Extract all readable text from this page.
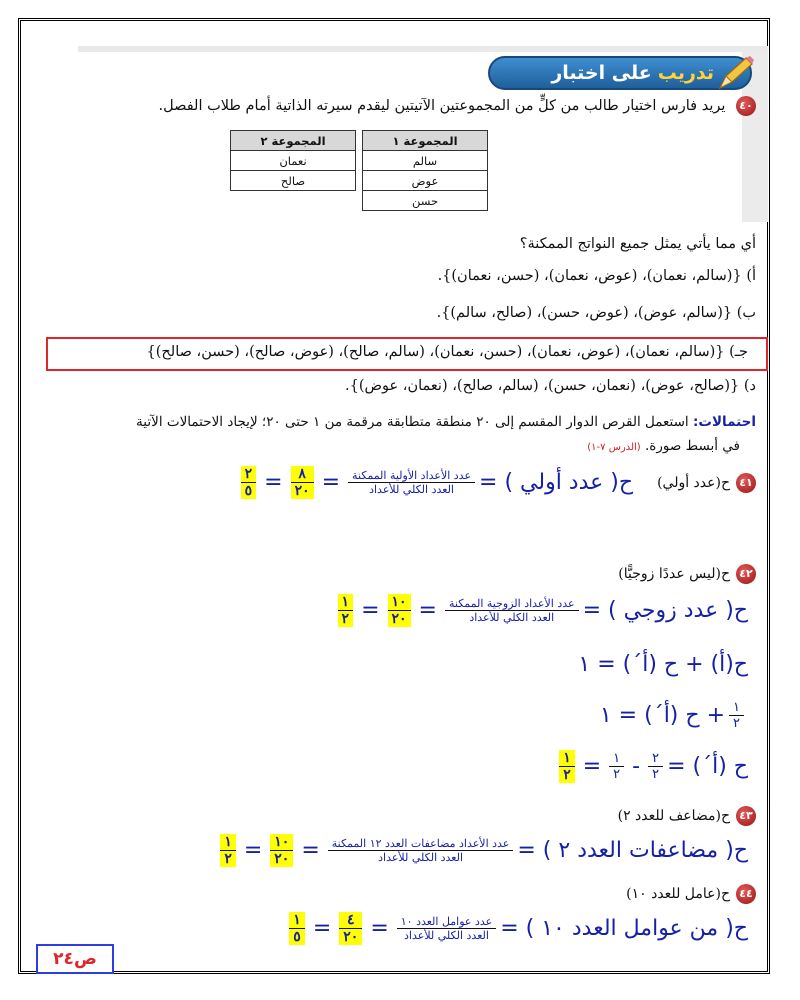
تدريب
على اختبار
٤٠ يريد فارس اختيار طالب من كلٍّ من المجموعتين الآتيتين ليقدم سيرته الذاتية أمام طلاب الفصل.
المجموعة ١
سالم
عوض
حسن
المجموعة ٢
نعمان
صالح
أي مما يأتي يمثل جميع النواتج الممكنة؟
أ) {(سالم، نعمان)، (عوض، نعمان)، (حسن، نعمان)}.
ب) {(سالم، عوض)، (عوض، حسن)، (صالح، سالم)}.
جـ) {(سالم، نعمان)، (عوض، نعمان)، (حسن، نعمان)، (سالم، صالح)، (عوض، صالح)، (حسن، صالح)}
د) {(صالح، عوض)، (نعمان، حسن)، (سالم، صالح)، (نعمان، عوض)}.
احتمالات: استعمل القرص الدوار المقسم إلى ٢٠ منطقة متطابقة مرقمة من ١ حتى ٢٠؛ لإيجاد الاحتمالات الآتية
في أبسط صورة. (الدرس ٧-١)
٤١
ح(عدد أولي)
ح( عدد أولي ) =
$\frac{\text{عدد الأعداد الأولية الممكنة}}{\text{العدد الكلي للأعداد}}$
=
$\frac{٨}{٢٠}$
=
$\frac{٢}{٥}$
٤٢
ح(ليس عددًا زوجيًّا)
ح( عدد زوجي ) =
$\frac{\text{عدد الأعداد الزوجية الممكنة}}{\text{العدد الكلي للأعداد}}$
=
$\frac{١٠}{٢٠}$
=
$\frac{١}{٢}$
ح(أ) + ح (أ´) = ١
$\frac{١}{٢}$
+ ح (أ´) = ١
ح (أ´) =
$\frac{٢}{٢}$
-
$\frac{١}{٢}$
=
$\frac{١}{٢}$
٤٣
ح(مضاعف للعدد ٢)
ح( مضاعفات العدد ٢ ) =
$\frac{\text{عدد الأعداد مضاعفات العدد ١٢ الممكنة}}{\text{العدد الكلي للأعداد}}$
=
$\frac{١٠}{٢٠}$
=
$\frac{١}{٢}$
٤٤
ح(عامل للعدد ١٠)
ح( من عوامل العدد ١٠ ) =
$\frac{\text{عدد عوامل العدد ١٠}}{\text{العدد الكلي للأعداد}}$
=
$\frac{٤}{٢٠}$
=
$\frac{١}{٥}$
ص٢٤
